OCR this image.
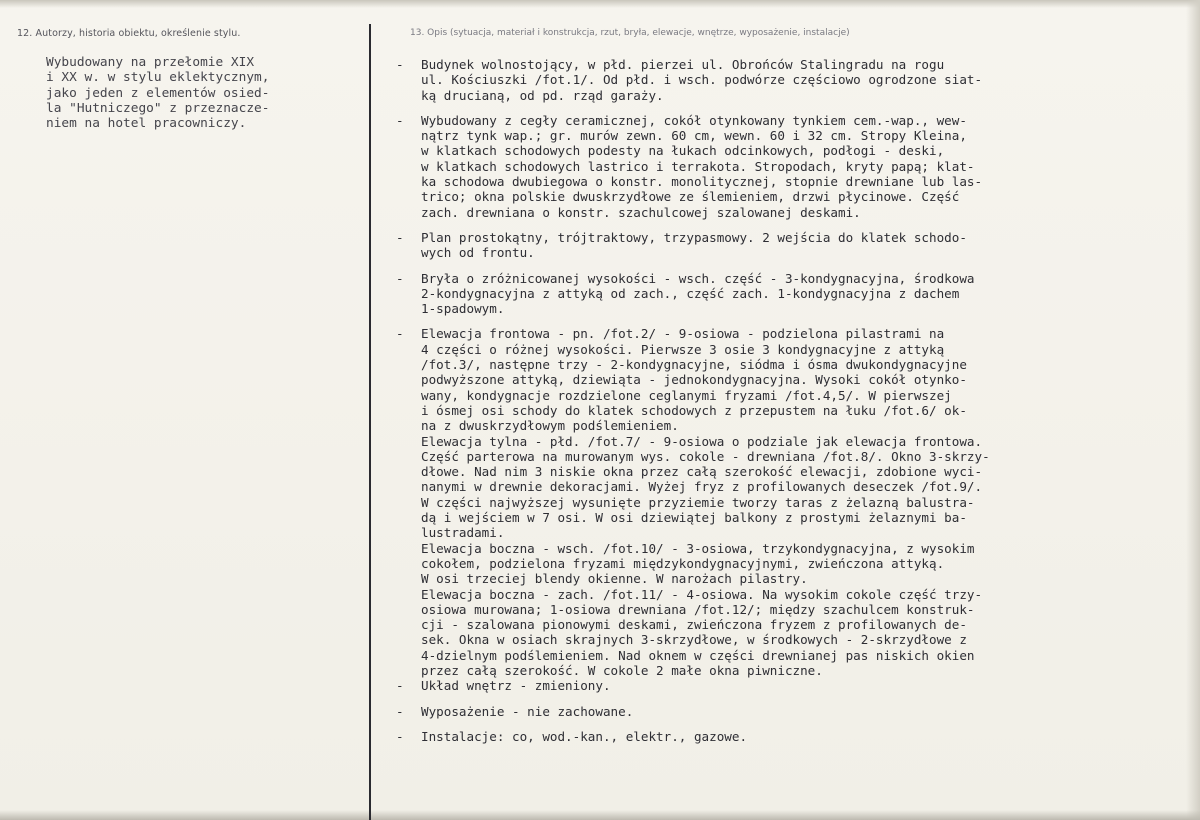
12. Autorzy, historia obiektu, określenie stylu.	13. Opis (sytuacja, materiał i konstrukcja, rzut, bryła, elewacje, wnętrze, wyposażenie, instalacje)
Wybudowany na przełomie XIX
i XX w. w stylu eklektycznym,
jako jeden z elementów osied-
la "Hutniczego" z przeznacze-
niem na hotel pracowniczy.
- Budynek wolnostojący, w płd. pierzei ul. Obrońców Stalingradu na rogu
ul. Kościuszki /fot.1/. Od płd. i wsch. podwórze częściowo ogrodzone siat-
ką drucianą, od pd. rząd garaży.
- Wybudowany z cegły ceramicznej, cokół otynkowany tynkiem cem.-wap., wew-
nątrz tynk wap.; gr. murów zewn. 60 cm, wewn. 60 i 32 cm. Stropy Kleina,
w klatkach schodowych podesty na łukach odcinkowych, podłogi - deski,
w klatkach schodowych lastrico i terrakota. Stropodach, kryty papą; klat-
ka schodowa dwubiegowa o konstr. monolitycznej, stopnie drewniane lub las-
trico; okna polskie dwuskrzydłowe ze ślemieniem, drzwi płycinowe. Część
zach. drewniana o konstr. szachulcowej szalowanej deskami.
- Plan prostokątny, trójtraktowy, trzypasmowy. 2 wejścia do klatek schodo-
wych od frontu.
- Bryła o zróżnicowanej wysokości - wsch. część - 3-kondygnacyjna, środkowa
2-kondygnacyjna z attyką od zach., część zach. 1-kondygnacyjna z dachem
1-spadowym.
- Elewacja frontowa - pn. /fot.2/ - 9-osiowa - podzielona pilastrami na
4 części o różnej wysokości. Pierwsze 3 osie 3 kondygnacyjne z attyką
/fot.3/, następne trzy - 2-kondygnacyjne, siódma i ósma dwukondygnacyjne
podwyższone attyką, dziewiąta - jednokondygnacyjna. Wysoki cokół otynko-
wany, kondygnacje rozdzielone ceglanymi fryzami /fot.4,5/. W pierwszej
i ósmej osi schody do klatek schodowych z przepustem na łuku /fot.6/ ok-
na z dwuskrzydłowym podślemieniem.
Elewacja tylna - płd. /fot.7/ - 9-osiowa o podziale jak elewacja frontowa.
Część parterowa na murowanym wys. cokole - drewniana /fot.8/. Okno 3-skrzy-
dłowe. Nad nim 3 niskie okna przez całą szerokość elewacji, zdobione wyci-
nanymi w drewnie dekoracjami. Wyżej fryz z profilowanych deseczek /fot.9/.
W części najwyższej wysunięte przyziemie tworzy taras z żelazną balustra-
dą i wejściem w 7 osi. W osi dziewiątej balkony z prostymi żelaznymi ba-
lustradami.
Elewacja boczna - wsch. /fot.10/ - 3-osiowa, trzykondygnacyjna, z wysokim
cokołem, podzielona fryzami międzykondygnacyjnymi, zwieńczona attyką.
W osi trzeciej blendy okienne. W narożach pilastry.
Elewacja boczna - zach. /fot.11/ - 4-osiowa. Na wysokim cokole część trzy-
osiowa murowana; 1-osiowa drewniana /fot.12/; między szachulcem konstruk-
cji - szalowana pionowymi deskami, zwieńczona fryzem z profilowanych de-
sek. Okna w osiach skrajnych 3-skrzydłowe, w środkowych - 2-skrzydłowe z
4-dzielnym podślemieniem. Nad oknem w części drewnianej pas niskich okien
przez całą szerokość. W cokole 2 małe okna piwniczne.
- Układ wnętrz - zmieniony.
- Wyposażenie - nie zachowane.
- Instalacje: co, wod.-kan., elektr., gazowe.
